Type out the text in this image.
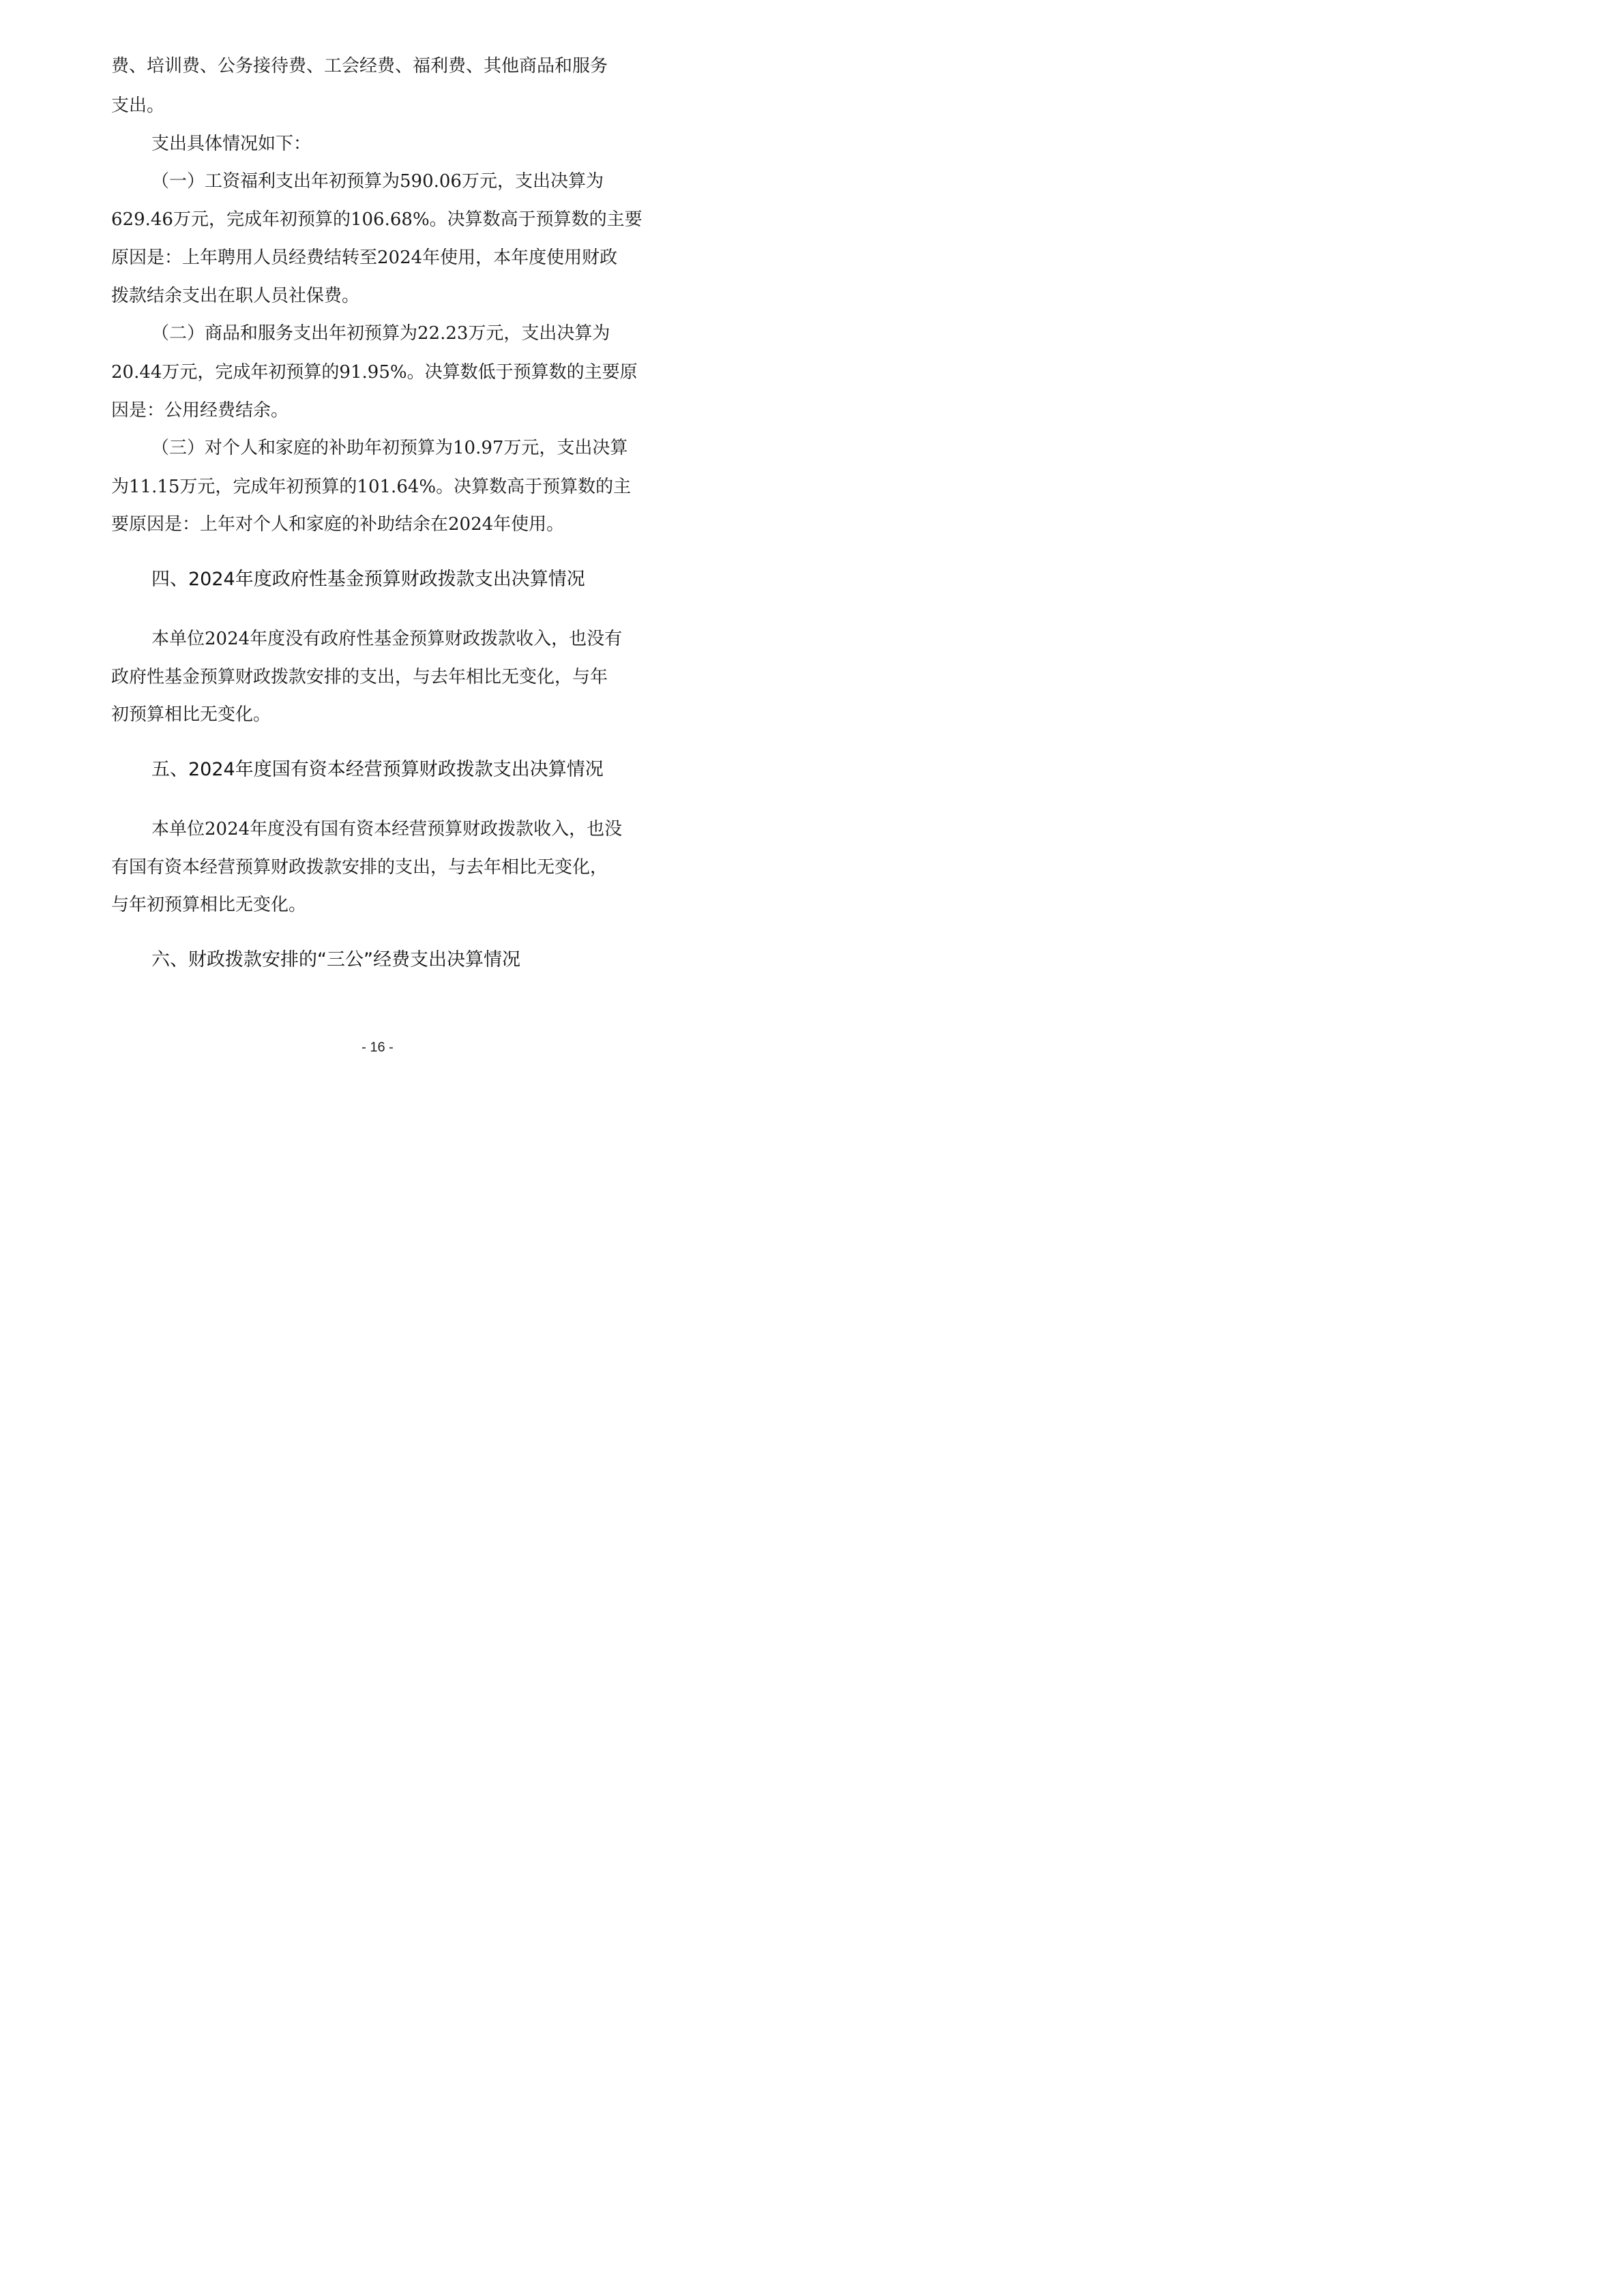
费、培训费、公务接待费、工会经费、福利费、其他商品和服务
支出。
支出具体情况如下：
（一）工资福利支出年初预算为590.06万元，支出决算为
629.46万元，完成年初预算的106.68%。决算数高于预算数的主要
原因是：上年聘用人员经费结转至2024年使用，本年度使用财政
拨款结余支出在职人员社保费。
（二）商品和服务支出年初预算为22.23万元，支出决算为
20.44万元，完成年初预算的91.95%。决算数低于预算数的主要原
因是：公用经费结余。
（三）对个人和家庭的补助年初预算为10.97万元，支出决算
为11.15万元，完成年初预算的101.64%。决算数高于预算数的主
要原因是：上年对个人和家庭的补助结余在2024年使用。
四、2024年度政府性基金预算财政拨款支出决算情况
本单位2024年度没有政府性基金预算财政拨款收入，也没有
政府性基金预算财政拨款安排的支出，与去年相比无变化，与年
初预算相比无变化。
五、2024年度国有资本经营预算财政拨款支出决算情况
本单位2024年度没有国有资本经营预算财政拨款收入，也没
有国有资本经营预算财政拨款安排的支出，与去年相比无变化，
与年初预算相比无变化。
六、财政拨款安排的“三公”经费支出决算情况
- 16 -
